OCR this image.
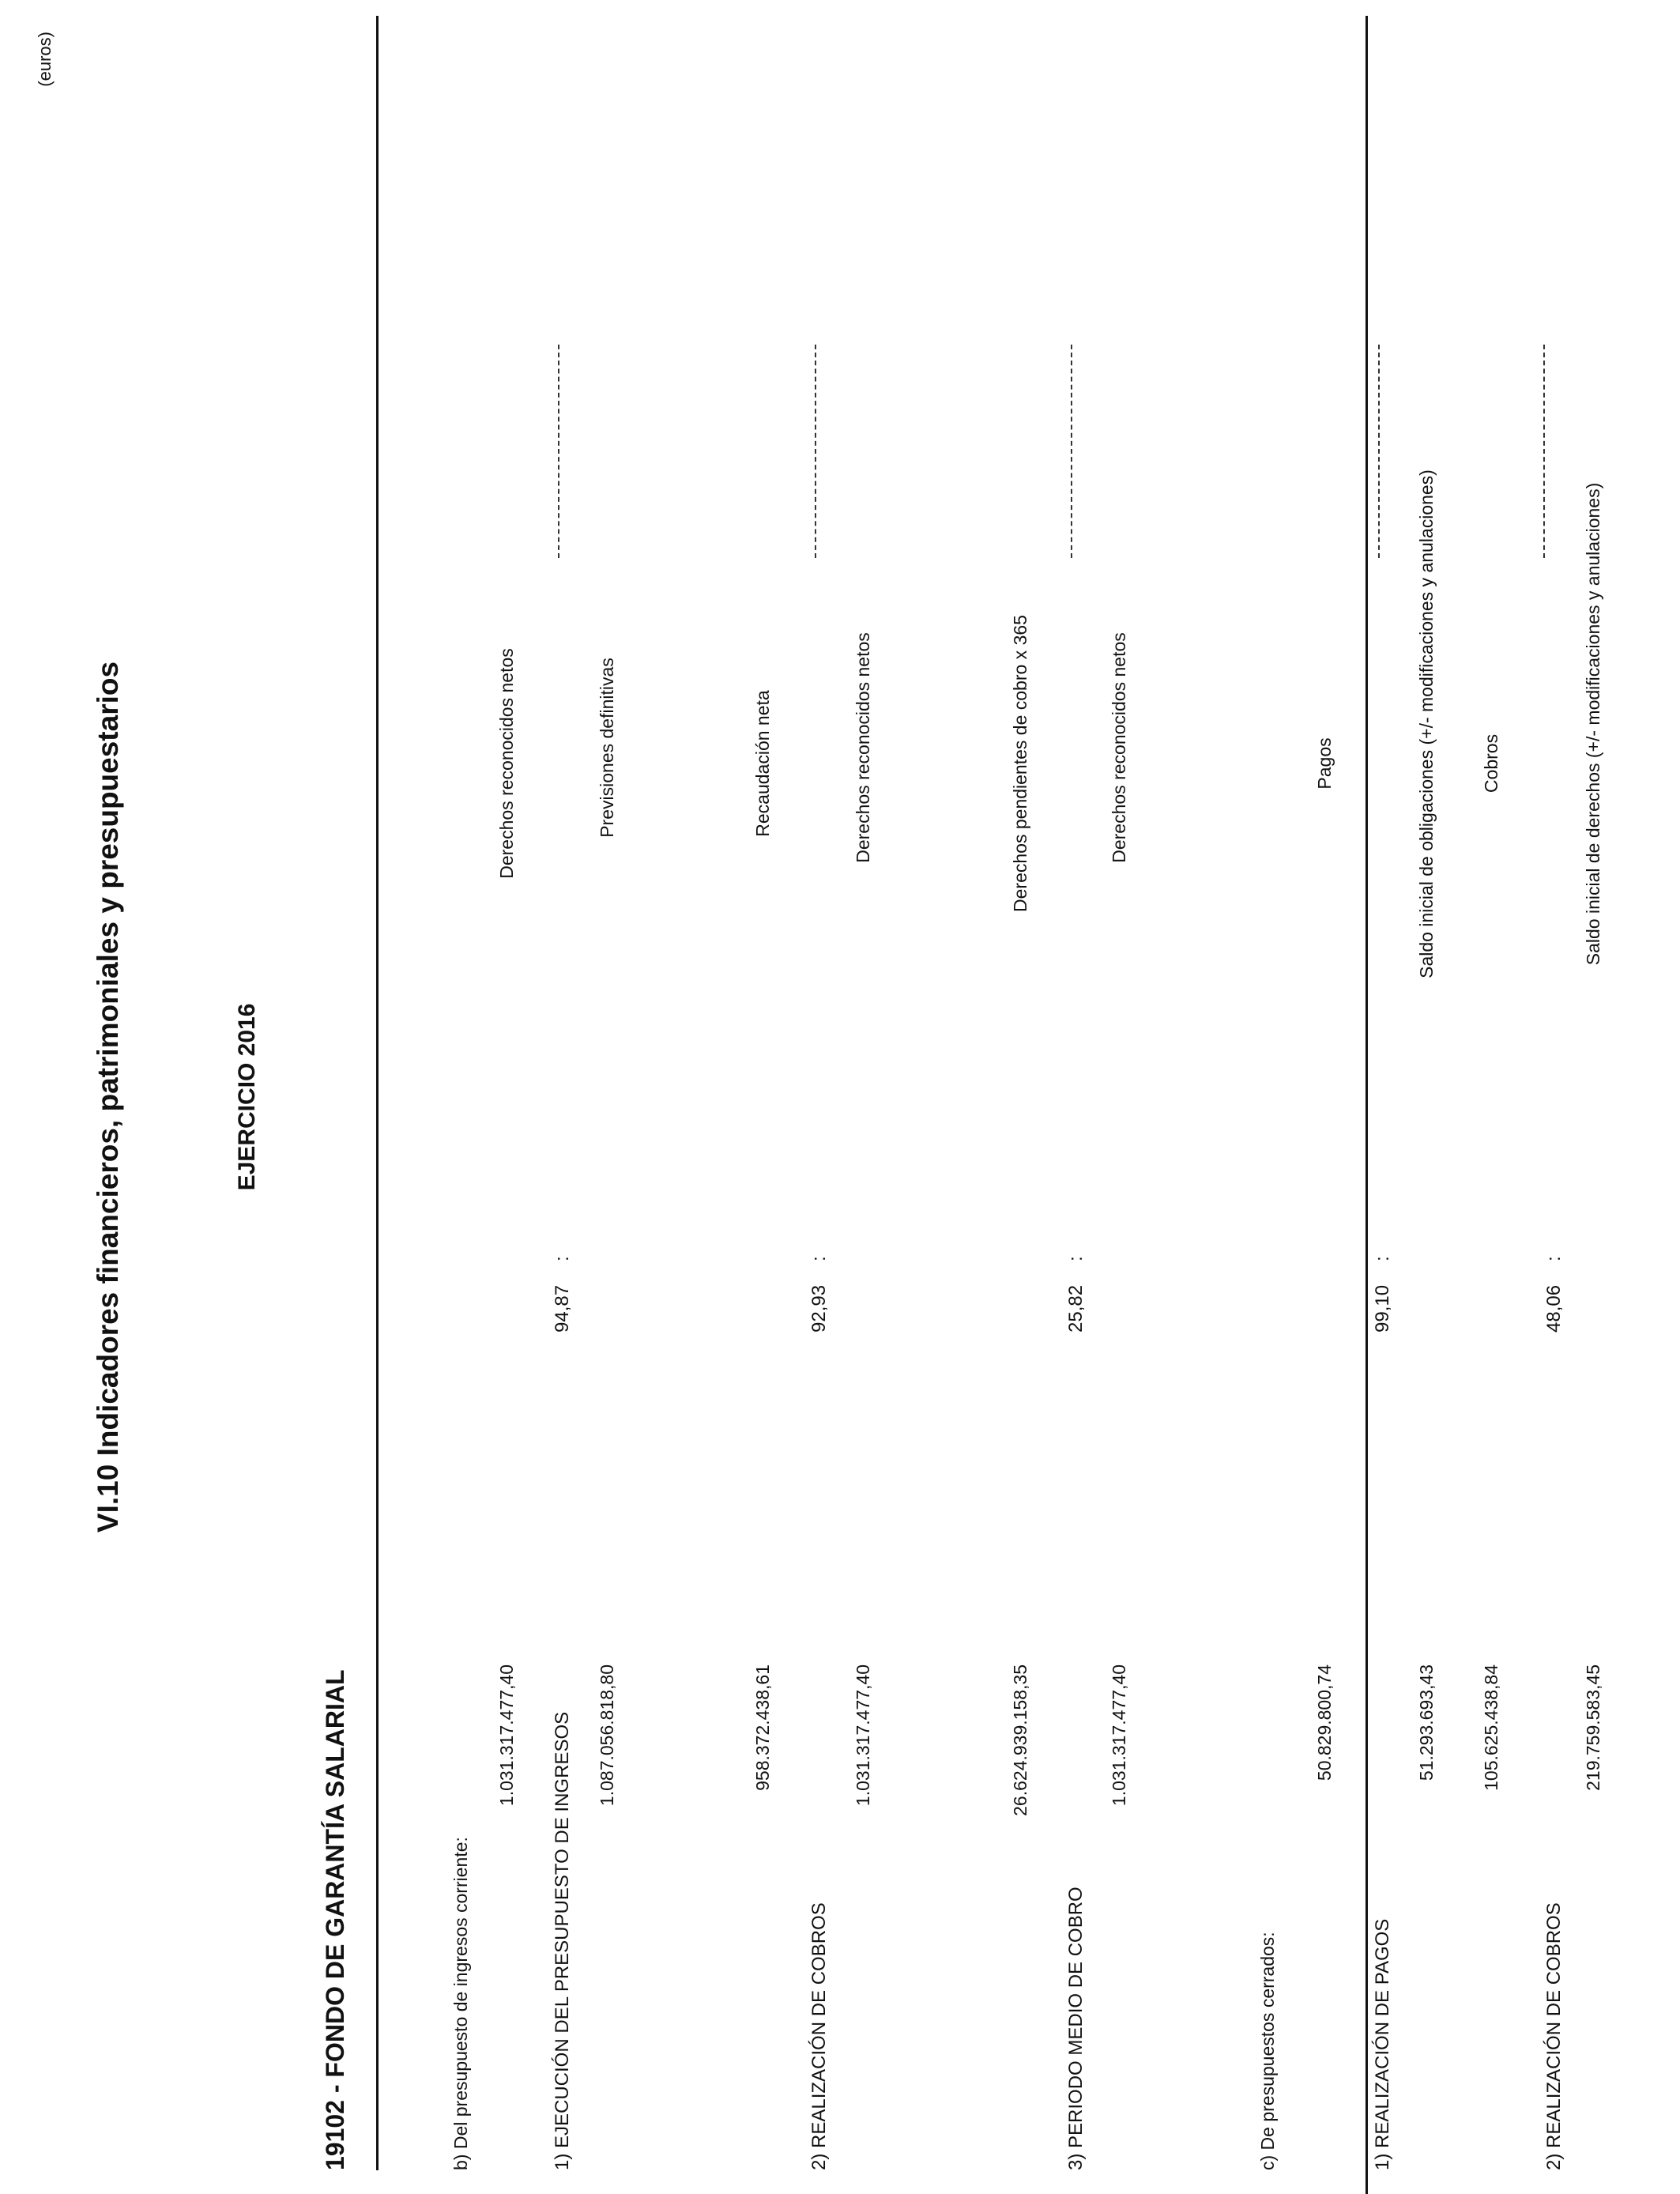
VI.10 Indicadores financieros, patrimoniales y presupuestarios	EJERCICIO 2016
19102 - FONDO DE GARANTÍA SALARIAL
(euros)
b) Del presupuesto de ingresos corriente:	1) EJECUCIÓN DEL PRESUPUESTO DE INGRESOS
94,87
:
Derechos reconocidos netos	Previsiones definitivas
1.031.317.477,40	1.087.056.818,80
2) REALIZACIÓN DE COBROS
92,93
:
Recaudación neta	Derechos reconocidos netos
958.372.438,61	1.031.317.477,40
3) PERIODO MEDIO DE COBRO
25,82
:
Derechos pendientes de cobro x 365	Derechos reconocidos netos
26.624.939.158,35	1.031.317.477,40
c) De presupuestos cerrados:	1) REALIZACIÓN DE PAGOS
99,10
:
Pagos	Saldo inicial de obligaciones (+/- modificaciones y anulaciones)
50.829.800,74	51.293.693,43
2) REALIZACIÓN DE COBROS
48,06
:
Cobros	Saldo inicial de derechos (+/- modificaciones y anulaciones)
105.625.438,84	219.759.583,45
